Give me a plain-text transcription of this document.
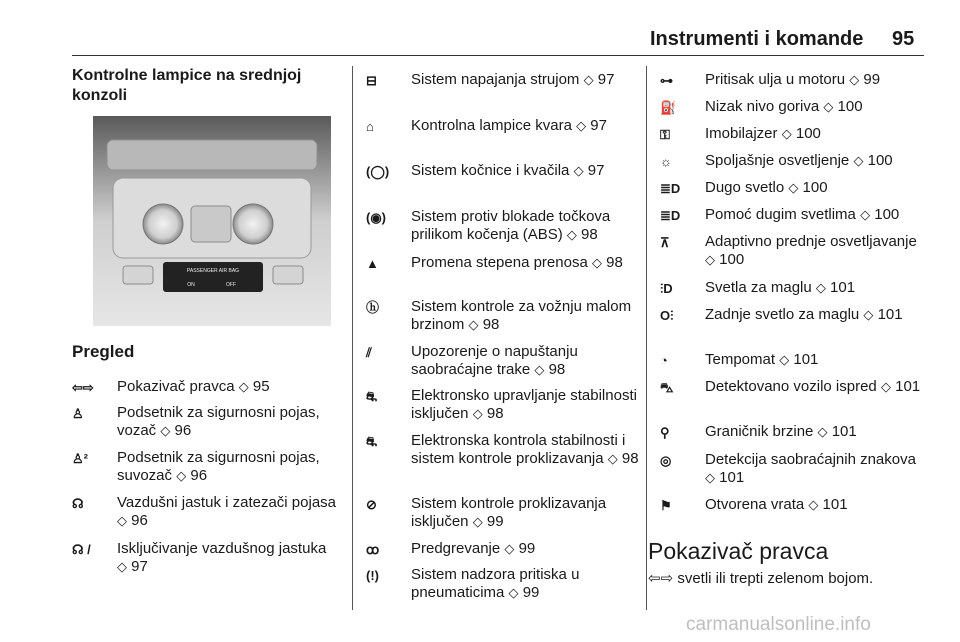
Instrumenti i komande 95

Kontrolne lampice na srednjoj konzoli

PASSENGER AIR BAG
ON	OFF
Pregled
⇦⇨	Pokazivač pravca ◇ 95
♙	Podsetnik za sigurnosni pojas, vozač ◇ 96
♙²	Podsetnik za sigurnosni pojas, suvozač ◇ 96
☊	Vazdušni jastuk i zatezači pojasa ◇ 96
☊ /	Isključivanje vazdušnog jastuka ◇ 97
⊟	Sistem napajanja strujom ◇ 97
⌂	Kontrolna lampice kvara ◇ 97
(◯)	Sistem kočnice i kvačila ◇ 97
(◉)	Sistem protiv blokade točkova prilikom kočenja (ABS) ◇ 98
▲	Promena stepena prenosa ◇ 98
ⓗ	Sistem kontrole za vožnju malom brzinom ◇ 98
⫽	Upozorenje o napuštanju saobraćajne trake ◇ 98
⛐	Elektronsko upravljanje stabilnosti isključen ◇ 98
⛐	Elektronska kontrola stabilnosti i sistem kontrole proklizavanja ◇ 98
⊘	Sistem kontrole proklizavanja isključen ◇ 99
ꝏ	Predgrevanje ◇ 99
(!)	Sistem nadzora pritiska u pneumaticima ◇ 99
⊶	Pritisak ulja u motoru ◇ 99
⛽	Nizak nivo goriva ◇ 100
⚿	Imobilajzer ◇ 100
☼	Spoljašnje osvetljenje ◇ 100
≣D	Dugo svetlo ◇ 100
≣D	Pomoć dugim svetlima ◇ 100
⊼	Adaptivno prednje osvetljavanje ◇ 100
⫶D	Svetla za maglu ◇ 101
O⫶	Zadnje svetlo za maglu ◇ 101
◔	Tempomat ◇ 101
⛍	Detektovano vozilo ispred ◇ 101
⚲	Graničnik brzine ◇ 101
◎	Detekcija saobraćajnih znakova ◇ 101
⚑	Otvorena vrata ◇ 101
Pokazivač pravca
⇦⇨ svetli ili trepti zelenom bojom.
carmanualsonline.info
